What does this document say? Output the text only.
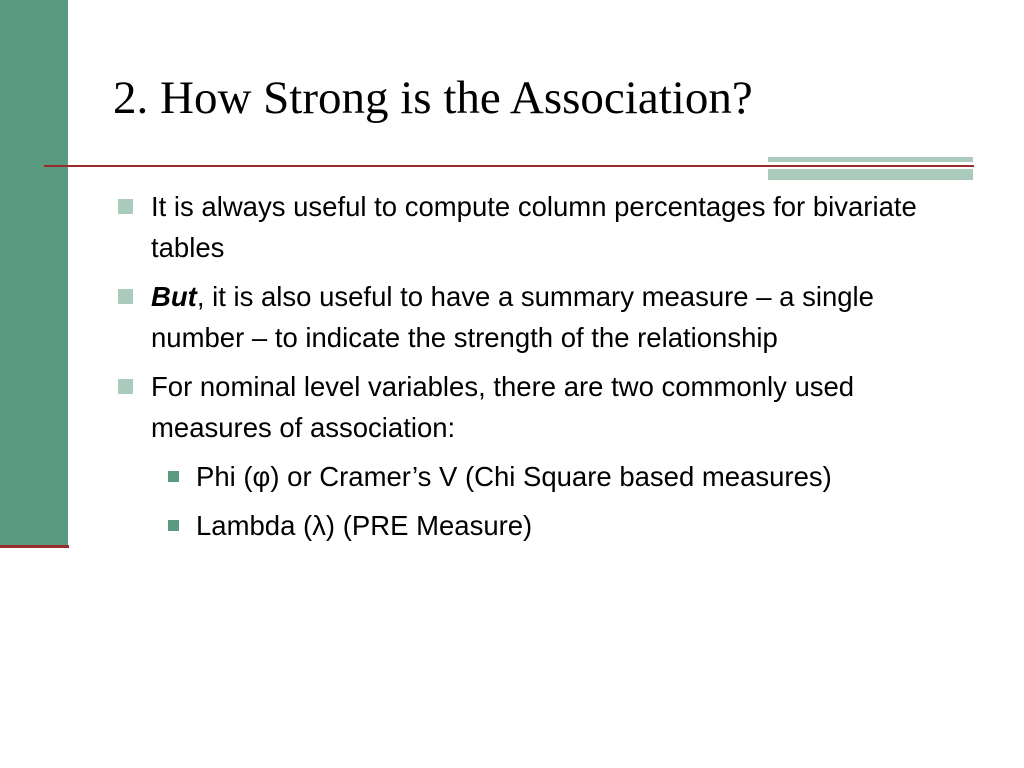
2. How Strong is the Association?
It is always useful to compute column percentages for bivariate tables
But, it is also useful to have a summary measure – a single number – to indicate the strength of the relationship
For nominal level variables, there are two commonly used measures of association:
Phi (φ) or Cramer’s V (Chi Square based measures)
Lambda (λ) (PRE Measure)
